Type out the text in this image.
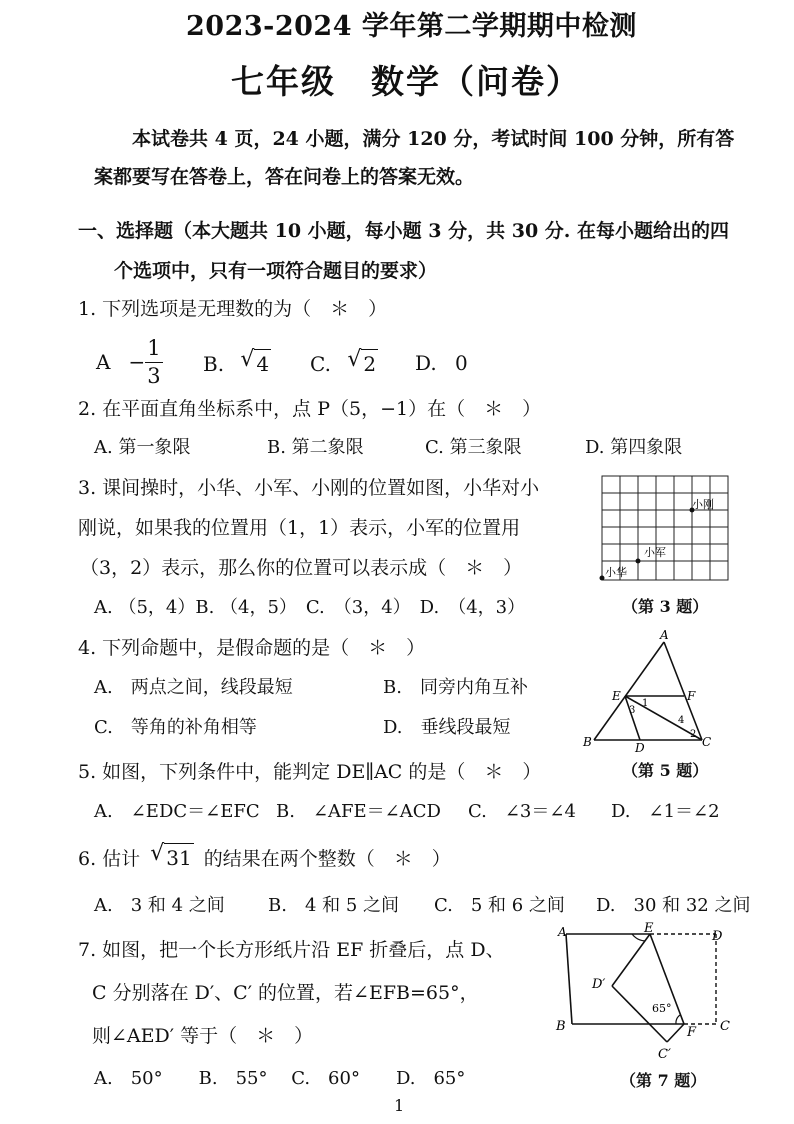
2023-2024 学年第二学期期中检测
七年级　数学（问卷）
本试卷共 4 页，24 小题，满分 120 分，考试时间 100 分钟，所有答
案都要写在答卷上，答在问卷上的答案无效。
一、选择题（本大题共 10 小题，每小题 3 分，共 30 分. 在每小题给出的四
个选项中，只有一项符合题目的要求）
1. 下列选项是无理数的为（　＊　）
$A - \frac{1}{3} B$. √ 4 C. √ 2 D. 0
2. 在平面直角坐标系中，点 P（5，−1）在（　＊　）
A. 第一象限	B. 第二象限	C. 第三象限	D. 第四象限
3. 课间操时，小华、小军、小刚的位置如图，小华对小
刚说，如果我的位置用（1，1）表示，小军的位置用
（3，2）表示，那么你的位置可以表示成（　＊　）
A. （5，4）B. （4，5）　C.　（3，4）　D.　（4，3）
小刚
小军
小华
（第 3 题）
4. 下列命题中，是假命题的是（　＊　）
A.　两点之间，线段最短	B.　同旁内角互补
C.　等角的补角相等	D.　垂线段最短
A
E	F
B	D	C
1
2
3
4
（第 5 题）
5. 如图，下列条件中，能判定 DE∥AC 的是（　＊　）
A.　∠EDC＝∠EFC B.　∠AFE＝∠ACD C.　∠3＝∠4 D.　∠1＝∠2
6. 估计 √ 31 的结果在两个整数（　＊　）
A.　3 和 4 之间 B.　4 和 5 之间 C.　5 和 6 之间 D.　30 和 32 之间
7. 如图，把一个长方形纸片沿 EF 折叠后，点 D、
C 分别落在 D′、C′ 的位置，若∠EFB=65°，
则∠AED′ 等于（　＊　）
A.　50°　　B.　55°　 C.　60°　　D.　65°
A	E
D
D′
65°
B	F C
C′
（第 7 题）
1
